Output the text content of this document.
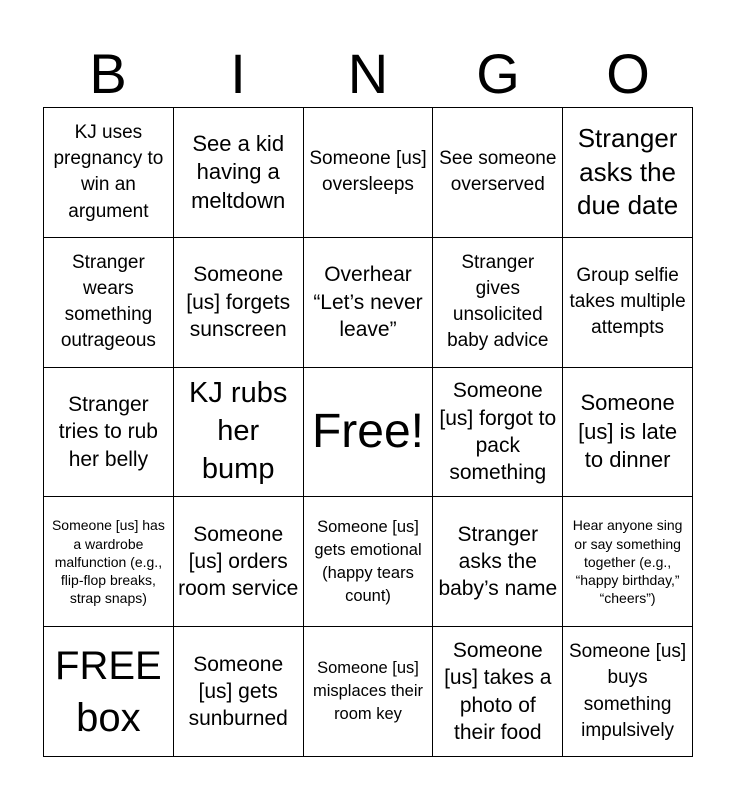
B	I	N	G	O
KJ uses pregnancy to win an argument
See a kid having a meltdown
Someone [us] oversleeps
See someone overserved
Stranger asks the due date
Stranger wears something outrageous
Someone [us] forgets sunscreen
Overhear “Let’s never leave”
Stranger gives unsolicited baby advice
Group selfie takes multiple attempts
Stranger tries to rub her belly
KJ rubs her bump
Free!
Someone [us] forgot to pack something
Someone [us] is late to dinner
Someone [us] has a wardrobe malfunction (e.g., flip-flop breaks, strap snaps)
Someone [us] orders room service
Someone [us] gets emotional (happy tears count)
Stranger asks the baby’s name
Hear anyone sing or say something together (e.g., “happy birthday,” “cheers”)
FREE box
Someone [us] gets sunburned
Someone [us] misplaces their room key
Someone [us] takes a photo of their food
Someone [us] buys something impulsively
